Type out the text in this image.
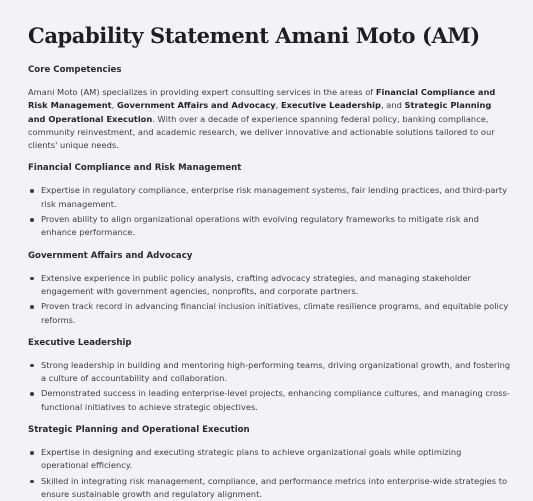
Capability Statement Amani Moto (AM)
Core Competencies

Amani Moto (AM) specializes in providing expert consulting services in the areas of Financial Compliance and Risk Management, Government Affairs and Advocacy, Executive Leadership, and Strategic Planning and Operational Execution. With over a decade of experience spanning federal policy, banking compliance, community reinvestment, and academic research, we deliver innovative and actionable solutions tailored to our clients' unique needs.

Financial Compliance and Risk Management
Expertise in regulatory compliance, enterprise risk management systems, fair lending practices, and third-party risk management.
Proven ability to align organizational operations with evolving regulatory frameworks to mitigate risk and enhance performance.
Government Affairs and Advocacy
Extensive experience in public policy analysis, crafting advocacy strategies, and managing stakeholder engagement with government agencies, nonprofits, and corporate partners.
Proven track record in advancing financial inclusion initiatives, climate resilience programs, and equitable policy reforms.
Executive Leadership
Strong leadership in building and mentoring high-performing teams, driving organizational growth, and fostering a culture of accountability and collaboration.
Demonstrated success in leading enterprise-level projects, enhancing compliance cultures, and managing cross-functional initiatives to achieve strategic objectives.
Strategic Planning and Operational Execution
Expertise in designing and executing strategic plans to achieve organizational goals while optimizing operational efficiency.
Skilled in integrating risk management, compliance, and performance metrics into enterprise-wide strategies to ensure sustainable growth and regulatory alignment.
